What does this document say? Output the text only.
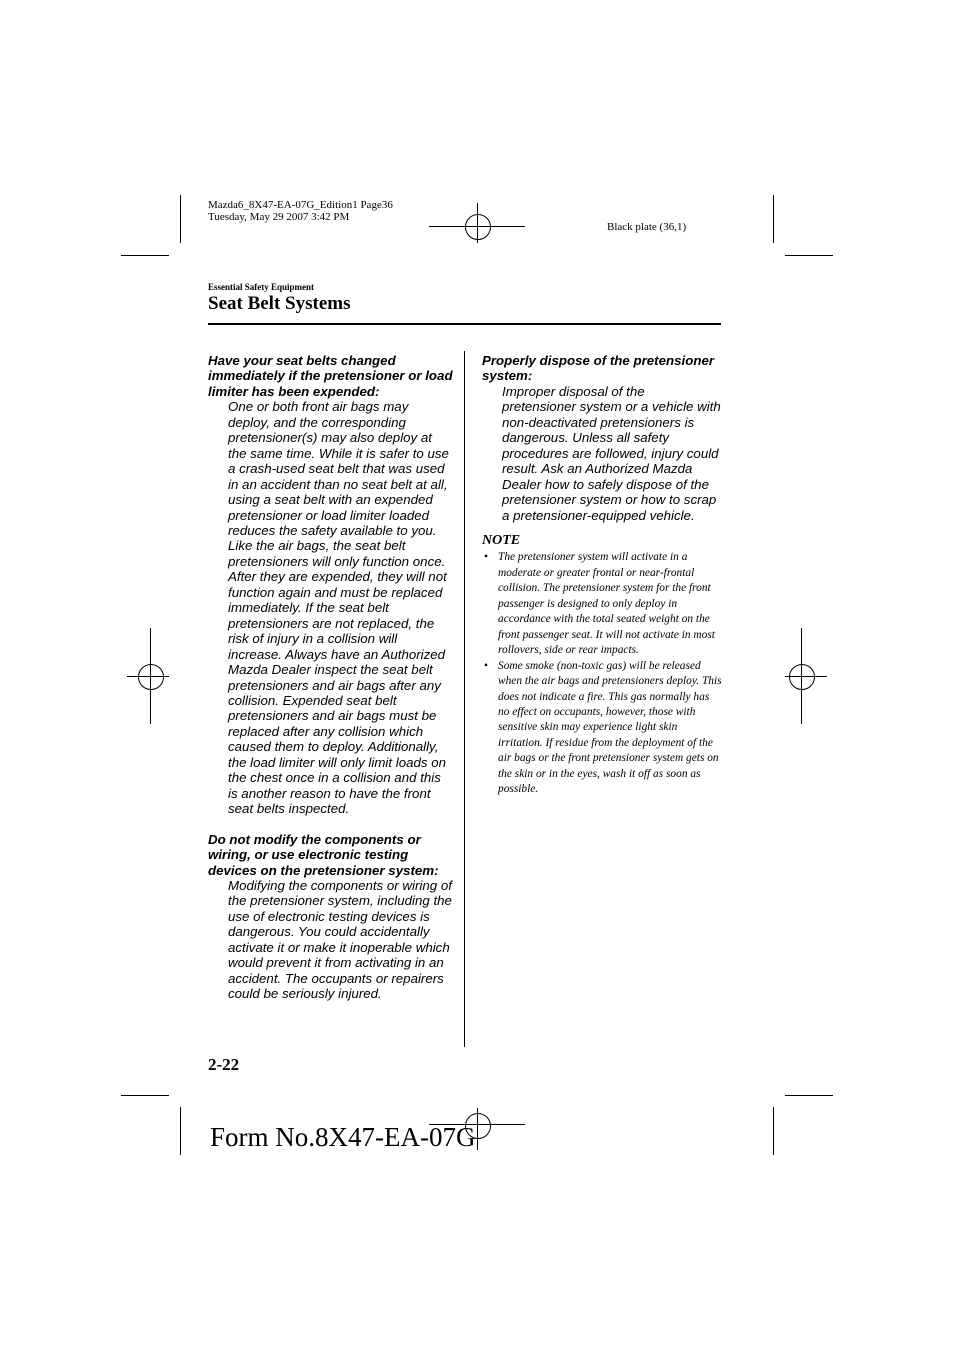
Mazda6_8X47-EA-07G_Edition1 Page36
Tuesday, May 29 2007 3:42 PM
Black plate (36,1)
Essential Safety Equipment
Seat Belt Systems

Have your seat belts changed immediately if the pretensioner or load limiter has been expended:

One or both front air bags may deploy, and the corresponding pretensioner(s) may also deploy at the same time. While it is safer to use a crash-used seat belt that was used in an accident than no seat belt at all, using a seat belt with an expended pretensioner or load limiter loaded reduces the safety available to you. Like the air bags, the seat belt pretensioners will only function once. After they are expended, they will not function again and must be replaced immediately. If the seat belt pretensioners are not replaced, the risk of injury in a collision will increase. Always have an Authorized Mazda Dealer inspect the seat belt pretensioners and air bags after any collision. Expended seat belt pretensioners and air bags must be replaced after any collision which caused them to deploy. Additionally, the load limiter will only limit loads on the chest once in a collision and this is another reason to have the front seat belts inspected.

Do not modify the components or wiring, or use electronic testing devices on the pretensioner system:

Modifying the components or wiring of the pretensioner system, including the use of electronic testing devices is dangerous. You could accidentally activate it or make it inoperable which would prevent it from activating in an accident. The occupants or repairers could be seriously injured.

Properly dispose of the pretensioner system:

Improper disposal of the pretensioner system or a vehicle with non-deactivated pretensioners is dangerous. Unless all safety procedures are followed, injury could result. Ask an Authorized Mazda Dealer how to safely dispose of the pretensioner system or how to scrap a pretensioner-equipped vehicle.

NOTE
• The pretensioner system will activate in a moderate or greater frontal or near-frontal collision. The pretensioner system for the front passenger is designed to only deploy in accordance with the total seated weight on the front passenger seat. It will not activate in most rollovers, side or rear impacts.
• Some smoke (non-toxic gas) will be released when the air bags and pretensioners deploy. This does not indicate a fire. This gas normally has no effect on occupants, however, those with sensitive skin may experience light skin irritation. If residue from the deployment of the air bags or the front pretensioner system gets on the skin or in the eyes, wash it off as soon as possible.
2-22
Form No.8X47-EA-07G
